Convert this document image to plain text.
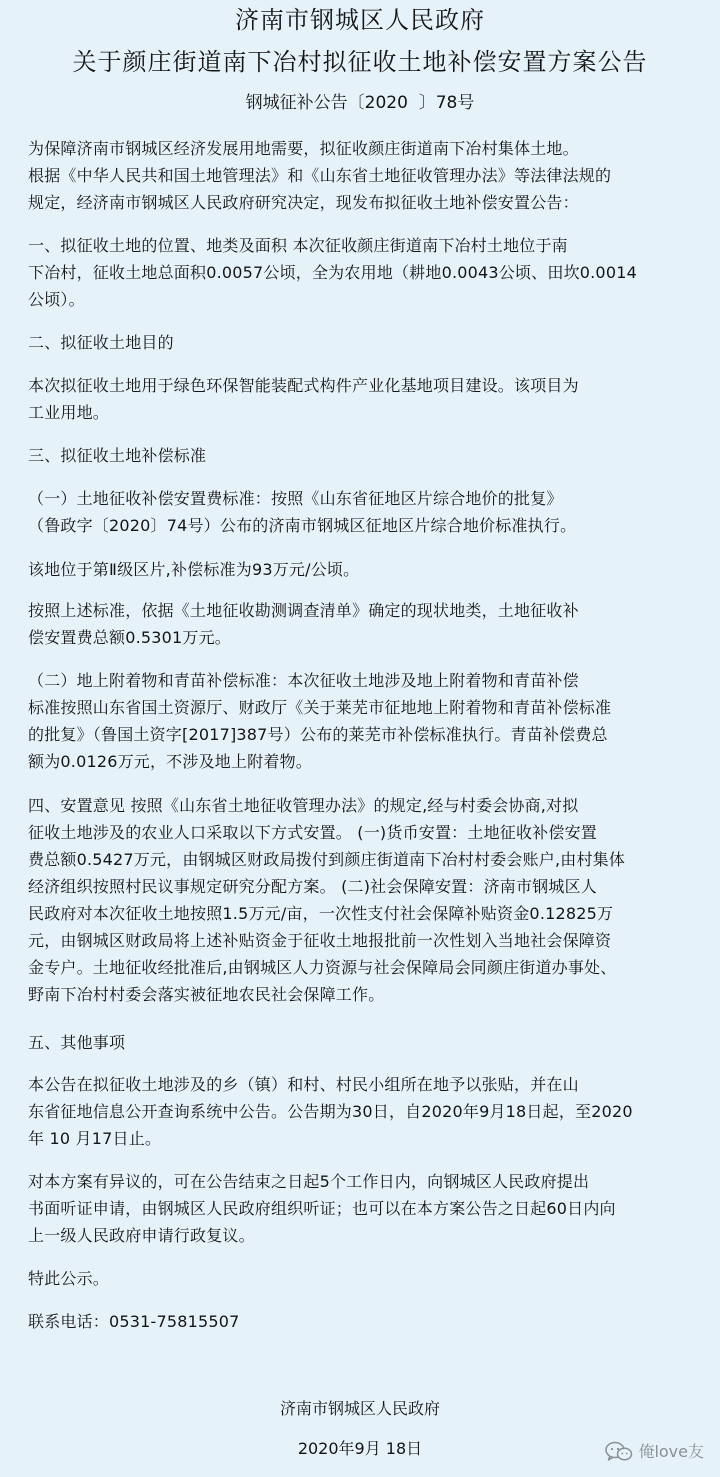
济南市钢城区人民政府
关于颜庄街道南下冶村拟征收土地补偿安置方案公告
钢城征补公告〔2020  〕78号

为保障济南市钢城区经济发展用地需要，拟征收颜庄街道南下冶村集体土地。

根据《中华人民共和国土地管理法》和《山东省土地征收管理办法》等法律法规的

规定，经济南市钢城区人民政府研究决定，现发布拟征收土地补偿安置公告：

一、拟征收土地的位置、地类及面积 本次征收颜庄街道南下冶村土地位于南

下冶村，征收土地总面积0.0057公顷，全为农用地（耕地0.0043公顷、田坎0.0014

公顷）。

二、拟征收土地目的

本次拟征收土地用于绿色环保智能装配式构件产业化基地项目建设。该项目为

工业用地。

三、拟征收土地补偿标准

（一）土地征收补偿安置费标准：按照《山东省征地区片综合地价的批复》

（鲁政字〔2020〕74号）公布的济南市钢城区征地区片综合地价标准执行。

该地位于第Ⅱ级区片,补偿标准为93万元/公顷。

按照上述标准，依据《土地征收勘测调查清单》确定的现状地类，土地征收补

偿安置费总额0.5301万元。

（二）地上附着物和青苗补偿标准：本次征收土地涉及地上附着物和青苗补偿

标准按照山东省国土资源厅、财政厅《关于莱芜市征地地上附着物和青苗补偿标准

的批复》（鲁国土资字[2017]387号）公布的莱芜市补偿标准执行。青苗补偿费总

额为0.0126万元，不涉及地上附着物。

四、安置意见 按照《山东省土地征收管理办法》的规定,经与村委会协商,对拟

征收土地涉及的农业人口采取以下方式安置。 (一)货币安置：土地征收补偿安置

费总额0.5427万元，由钢城区财政局拨付到颜庄街道南下冶村村委会账户,由村集体

经济组织按照村民议事规定研究分配方案。 (二)社会保障安置：济南市钢城区人

民政府对本次征收土地按照1.5万元/亩，一次性支付社会保障补贴资金0.12825万

元，由钢城区财政局将上述补贴资金于征收土地报批前一次性划入当地社会保障资

金专户。土地征收经批准后,由钢城区人力资源与社会保障局会同颜庄街道办事处、

野南下冶村村委会落实被征地农民社会保障工作。

五、其他事项

本公告在拟征收土地涉及的乡（镇）和村、村民小组所在地予以张贴，并在山

东省征地信息公开查询系统中公告。公告期为30日，自2020年9月18日起，至2020

年 10 月17日止。

对本方案有异议的，可在公告结束之日起5个工作日内，向钢城区人民政府提出

书面听证申请，由钢城区人民政府组织听证；也可以在本方案公告之日起60日内向

上一级人民政府申请行政复议。

特此公示。

联系电话：0531-75815507

济南市钢城区人民政府
2020年9月 18日	俺love友
